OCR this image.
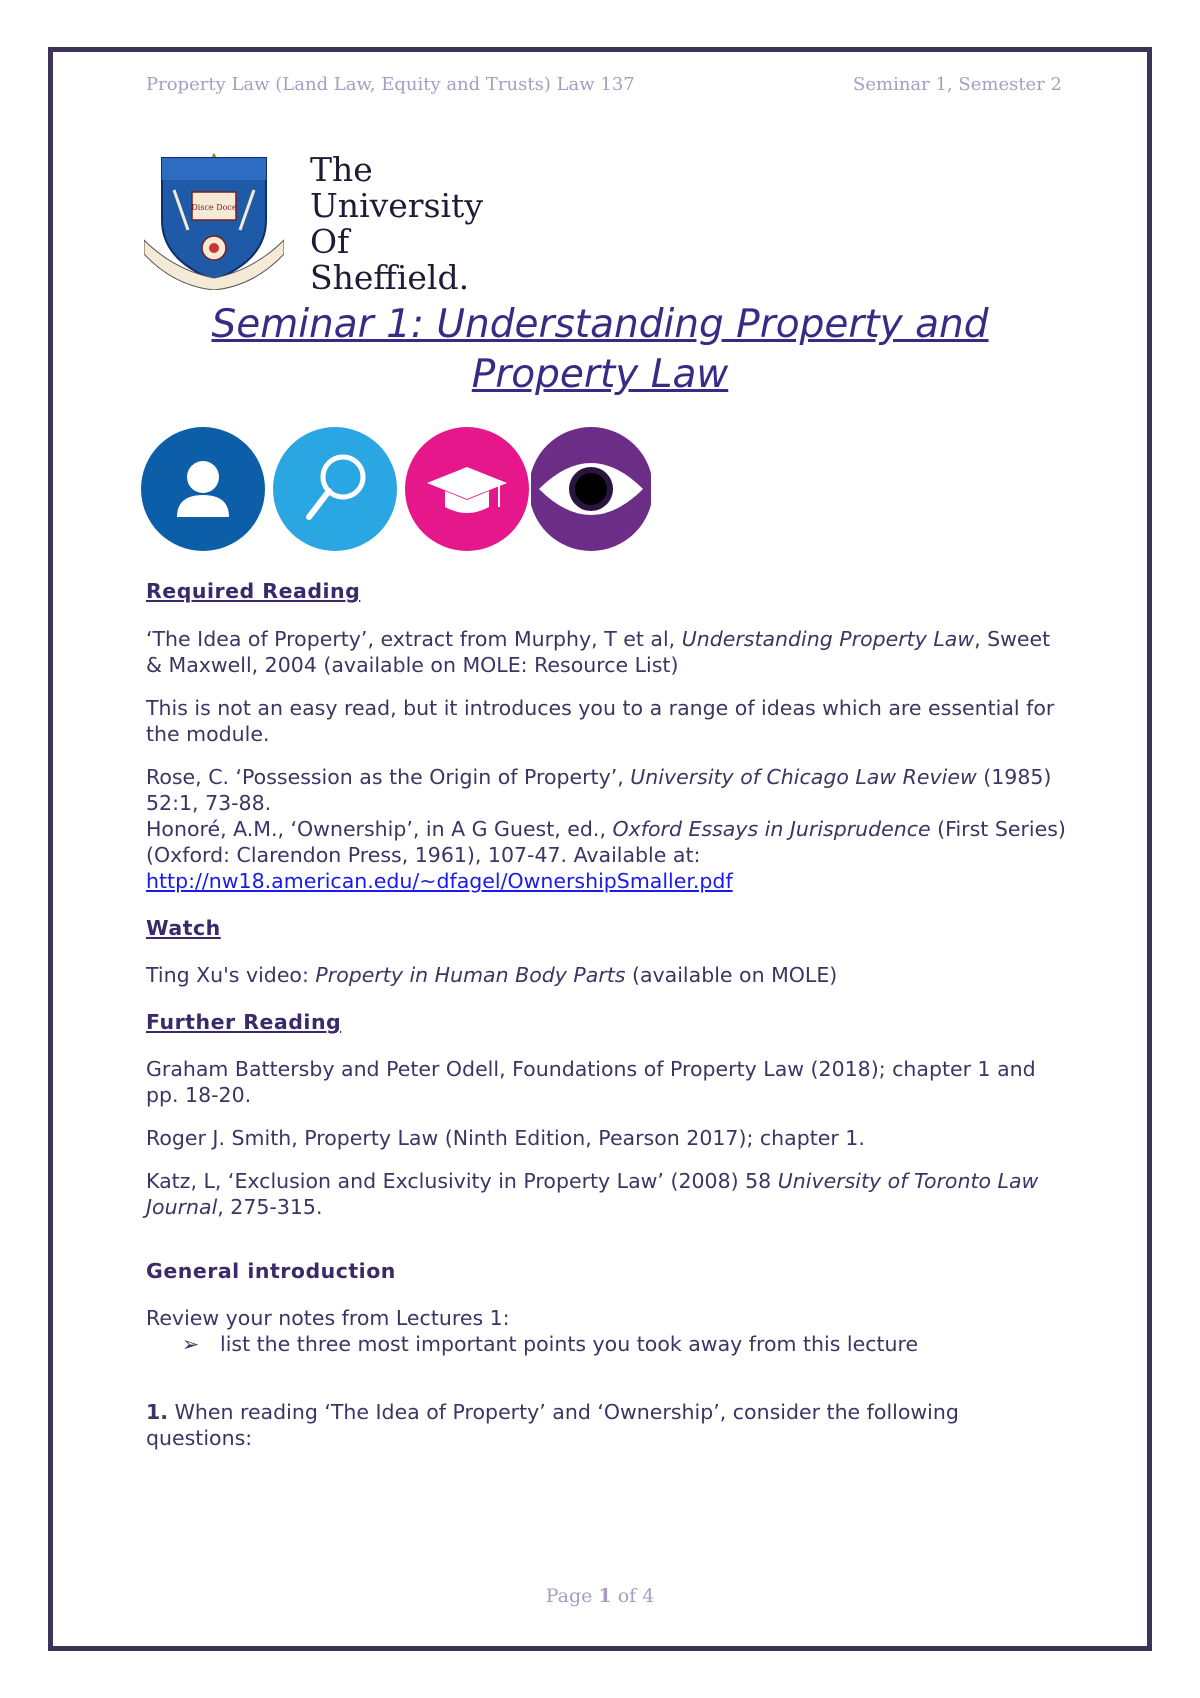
Property Law (Land Law, Equity and Trusts) Law 137	Seminar 1, Semester 2
Disce Doce
The
University
Of
Sheffield.
Seminar 1: Understanding Property and
Property Law

Required Reading

‘The Idea of Property’, extract from Murphy, T et al, Understanding Property Law, Sweet & Maxwell, 2004 (available on MOLE: Resource List)

This is not an easy read, but it introduces you to a range of ideas which are essential for the module.

Rose, C. ‘Possession as the Origin of Property’, University of Chicago Law Review (1985) 52:1, 73-88.

Honoré, A.M., ‘Ownership’, in A G Guest, ed., Oxford Essays in Jurisprudence (First Series) (Oxford: Clarendon Press, 1961), 107-47. Available at: http://nw18.american.edu/~dfagel/OwnershipSmaller.pdf

Watch

Ting Xu's video: Property in Human Body Parts (available on MOLE)

Further Reading

Graham Battersby and Peter Odell, Foundations of Property Law (2018); chapter 1 and pp. 18-20.

Roger J. Smith, Property Law (Ninth Edition, Pearson 2017); chapter 1.

Katz, L, ‘Exclusion and Exclusivity in Property Law’ (2008) 58 University of Toronto Law Journal, 275-315.

General introduction

Review your notes from Lectures 1:

➢ list the three most important points you took away from this lecture

1. When reading ‘The Idea of Property’ and ‘Ownership’, consider the following questions:

Page 1 of 4
